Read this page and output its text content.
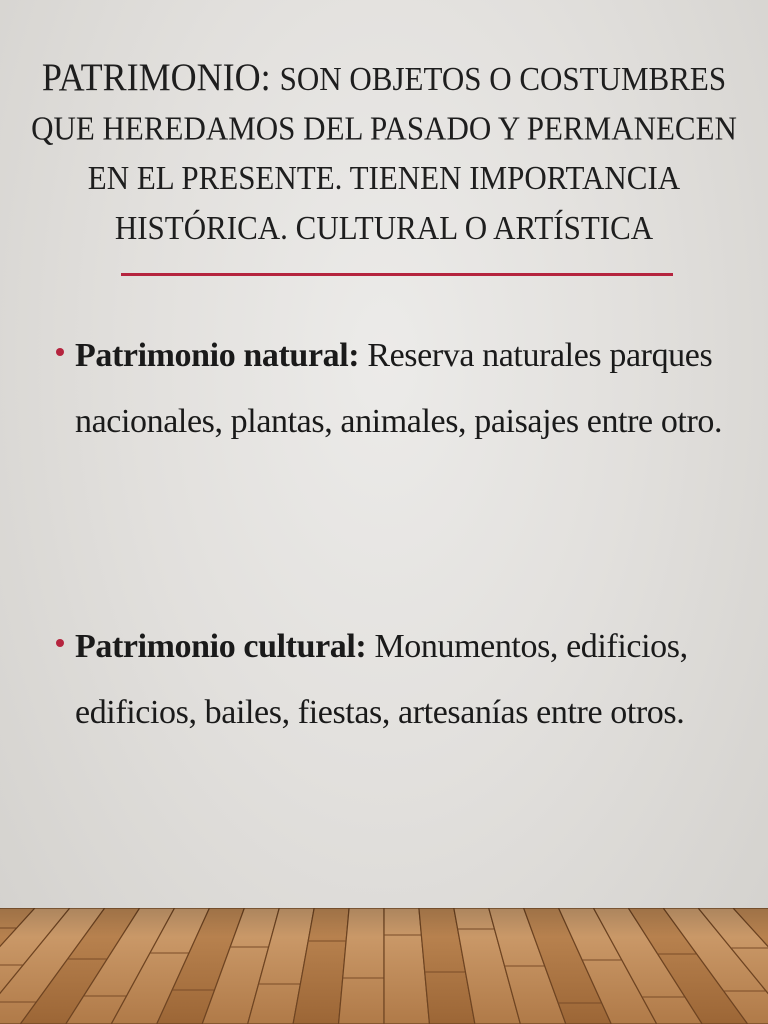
PATRIMONIO: SON OBJETOS O COSTUMBRES
QUE HEREDAMOS DEL PASADO Y PERMANECEN
EN EL PRESENTE. TIENEN IMPORTANCIA
HISTÓRICA. CULTURAL O ARTÍSTICA
Patrimonio natural: Reserva naturales parques nacionales, plantas, animales, paisajes entre otro.
Patrimonio cultural: Monumentos, edificios, edificios, bailes, fiestas, artesanías entre otros.
